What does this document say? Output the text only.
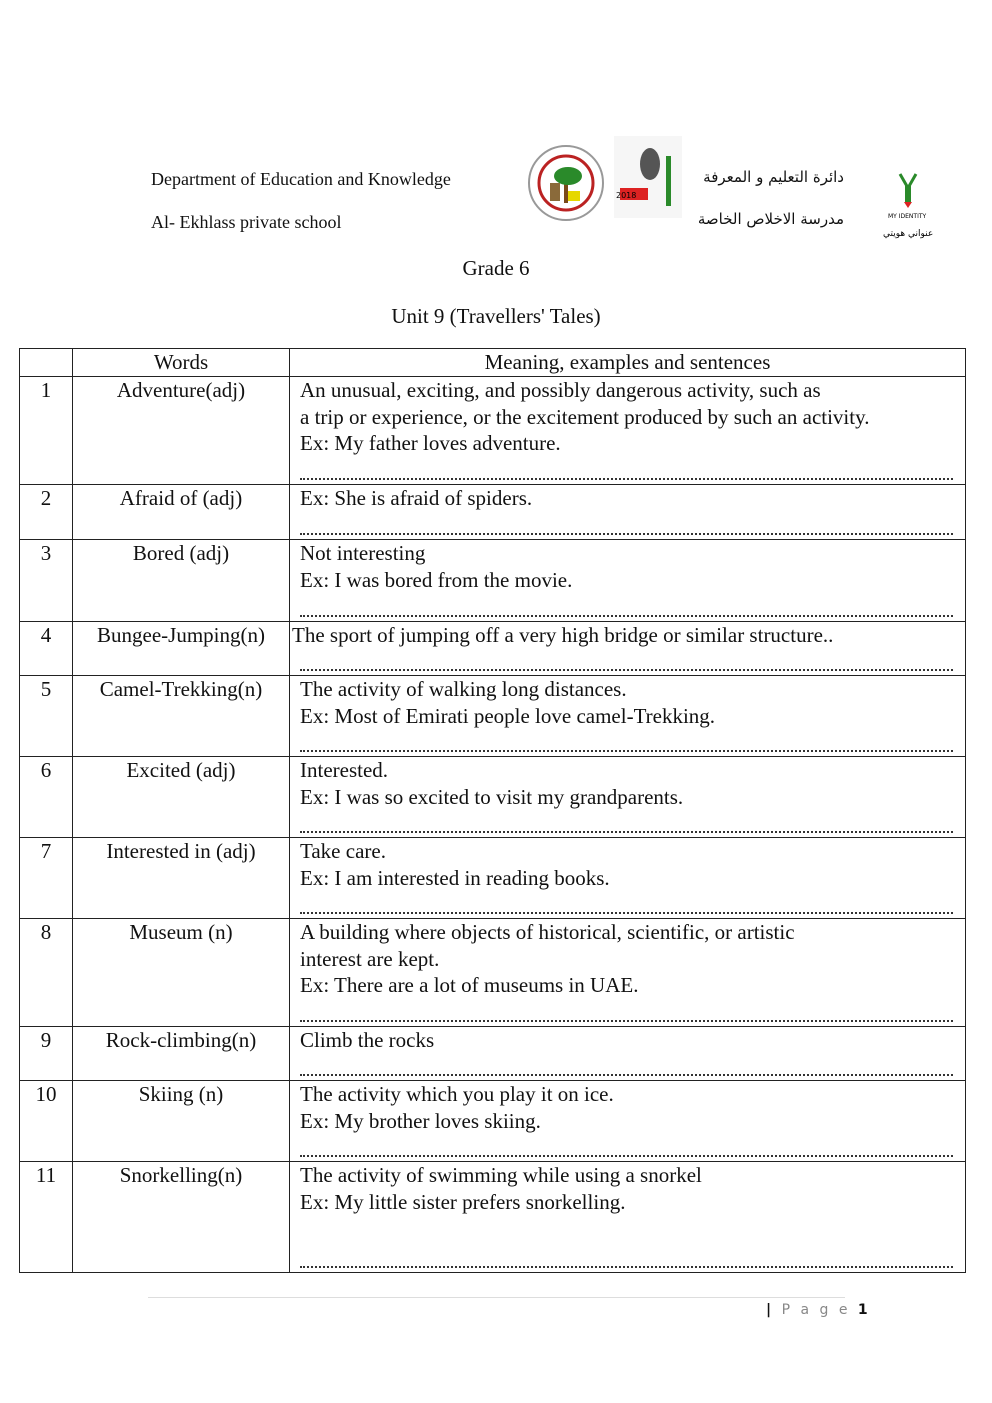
Department of Education and Knowledge
Al- Ekhlass private school
2018
دائرة التعليم و المعرفة
مدرسة الاخلاص الخاصة	MY IDENTITY
عنواني هويتي
Grade 6
Unit 9 (Travellers' Tales)
	Words	Meaning, examples and sentences
1	Adventure(adj)	An unusual, exciting, and possibly dangerous activity, such as
a trip or experience, or the excitement produced by such an activity.
Ex: My father loves adventure.

2	Afraid of (adj)	Ex: She is afraid of spiders.

3	Bored (adj)	Not interesting
Ex: I was bored from the movie.

4	Bungee-Jumping(n)	The sport of jumping off a very high bridge or similar structure..

5	Camel-Trekking(n)	The activity of walking long distances.
Ex: Most of Emirati people love camel-Trekking.

6	Excited (adj)	Interested.
Ex: I was so excited to visit my grandparents.

7	Interested in (adj)	Take care.
Ex: I am interested in reading books.

8	Museum (n)	A building where objects of historical, scientific, or artistic
interest are kept.
Ex: There are a lot of museums in UAE.

9	Rock-climbing(n)	Climb the rocks

10	Skiing (n)	The activity which you play it on ice.
Ex: My brother loves skiing.

11	Snorkelling(n)	The activity of swimming while using a snorkel
Ex: My little sister prefers snorkelling.
| P a g e 1
